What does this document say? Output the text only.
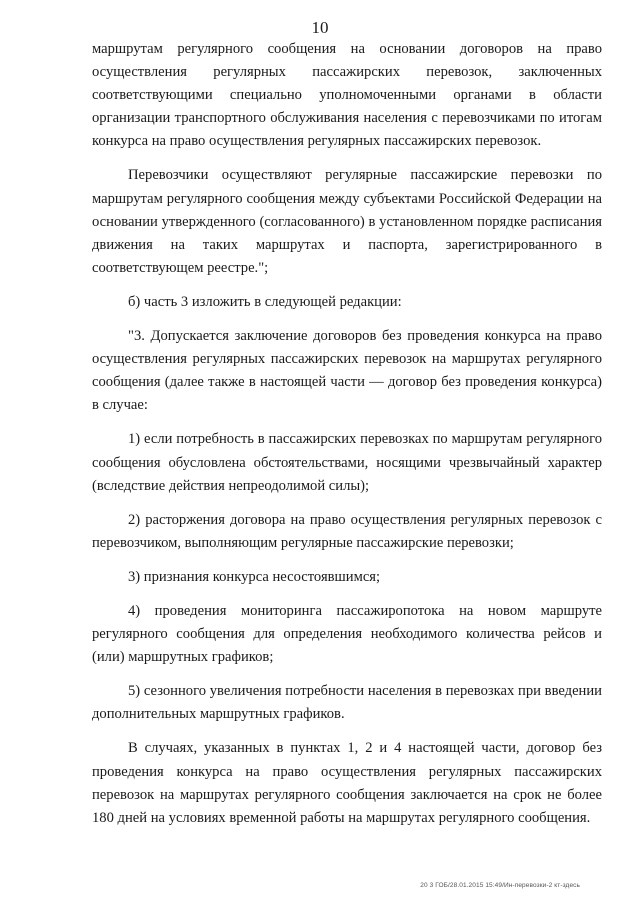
10

маршрутам регулярного сообщения на основании договоров на право осуществления регулярных пассажирских перевозок, заключенных соответствующими специально уполномоченными органами в области организации транспортного обслуживания населения с перевозчиками по итогам конкурса на право осуществления регулярных пассажирских перевозок.

Перевозчики осуществляют регулярные пассажирские перевозки по маршрутам регулярного сообщения между субъектами Российской Федерации на основании утвержденного (согласованного) в установленном порядке расписания движения на таких маршрутах и паспорта, зарегистрированного в соответствующем реестре.";

б) часть 3 изложить в следующей редакции:

"3. Допускается заключение договоров без проведения конкурса на право осуществления регулярных пассажирских перевозок на маршрутах регулярного сообщения (далее также в настоящей части — договор без проведения конкурса) в случае:

1) если потребность в пассажирских перевозках по маршрутам регулярного сообщения обусловлена обстоятельствами, носящими чрезвычайный характер (вследствие действия непреодолимой силы);

2) расторжения договора на право осуществления регулярных перевозок с перевозчиком, выполняющим регулярные пассажирские перевозки;

3) признания конкурса несостоявшимся;

4) проведения мониторинга пассажиропотока на новом маршруте регулярного сообщения для определения необходимого количества рейсов и (или) маршрутных графиков;

5) сезонного увеличения потребности населения в перевозках при введении дополнительных маршрутных графиков.

В случаях, указанных в пунктах 1, 2 и 4 настоящей части, договор без проведения конкурса на право осуществления регулярных пассажирских перевозок на маршрутах регулярного сообщения заключается на срок не более 180 дней на условиях временной работы на маршрутах регулярного сообщения.

20 3 ГОБ/28.01.2015 15:49/Ин-перевозки-2 кт-здесь
